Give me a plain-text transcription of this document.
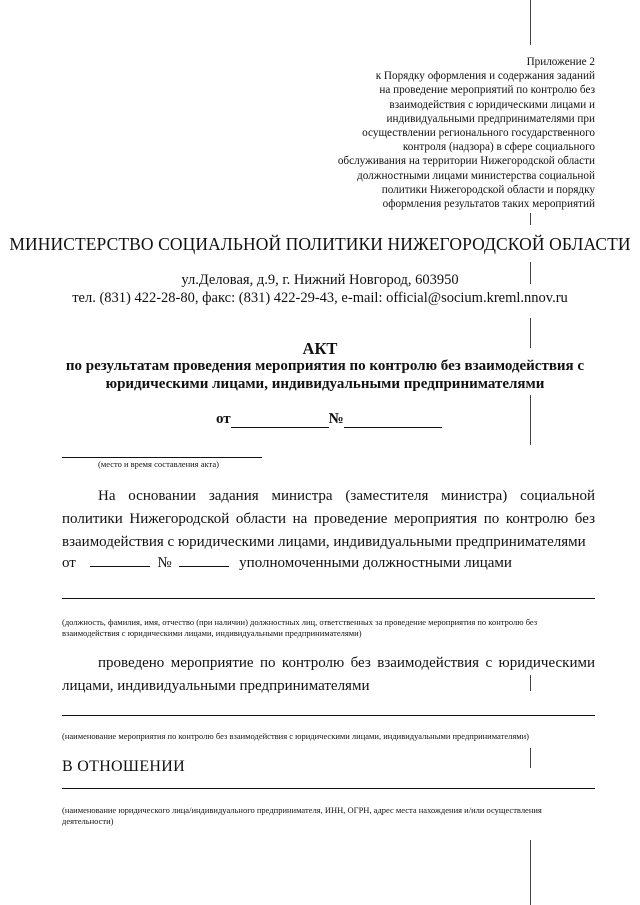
Приложение 2
к Порядку оформления и содержания заданий
на проведение мероприятий по контролю без
взаимодействия с юридическими лицами и
индивидуальными предпринимателями при
осуществлении регионального государственного
контроля (надзора) в сфере социального
обслуживания на территории Нижегородской области
должностными лицами министерства социальной
политики Нижегородской области и порядку
оформления результатов таких мероприятий
МИНИСТЕРСТВО СОЦИАЛЬНОЙ ПОЛИТИКИ НИЖЕГОРОДСКОЙ ОБЛАСТИ
ул.Деловая, д.9, г. Нижний Новгород, 603950
тел. (831) 422-28-80, факс: (831) 422-29-43, e-mail: official@socium.kreml.nnov.ru
АКТ
по результатам проведения мероприятия по контролю без взаимодействия с юридическими лицами, индивидуальными предпринимателями
от	№
(место и время составления акта)
На основании задания министра (заместителя министра) социальной политики Нижегородской области на проведение мероприятия по контролю без взаимодействия с юридическими лицами, индивидуальными предпринимателями
от	№	уполномоченными должностными лицами
(должность, фамилия, имя, отчество (при наличии) должностных лиц, ответственных за проведение мероприятия по контролю без взаимодействия с юридическими лицами, индивидуальными предпринимателями)
проведено мероприятие по контролю без взаимодействия с юридическими лицами, индивидуальными предпринимателями
(наименование мероприятия по контролю без взаимодействия с юридическими лицами, индивидуальными предпринимателями)
В ОТНОШЕНИИ
(наименование юридического лица/индивидуального предпринимателя, ИНН, ОГРН, адрес места нахождения и/или осуществления деятельности)
